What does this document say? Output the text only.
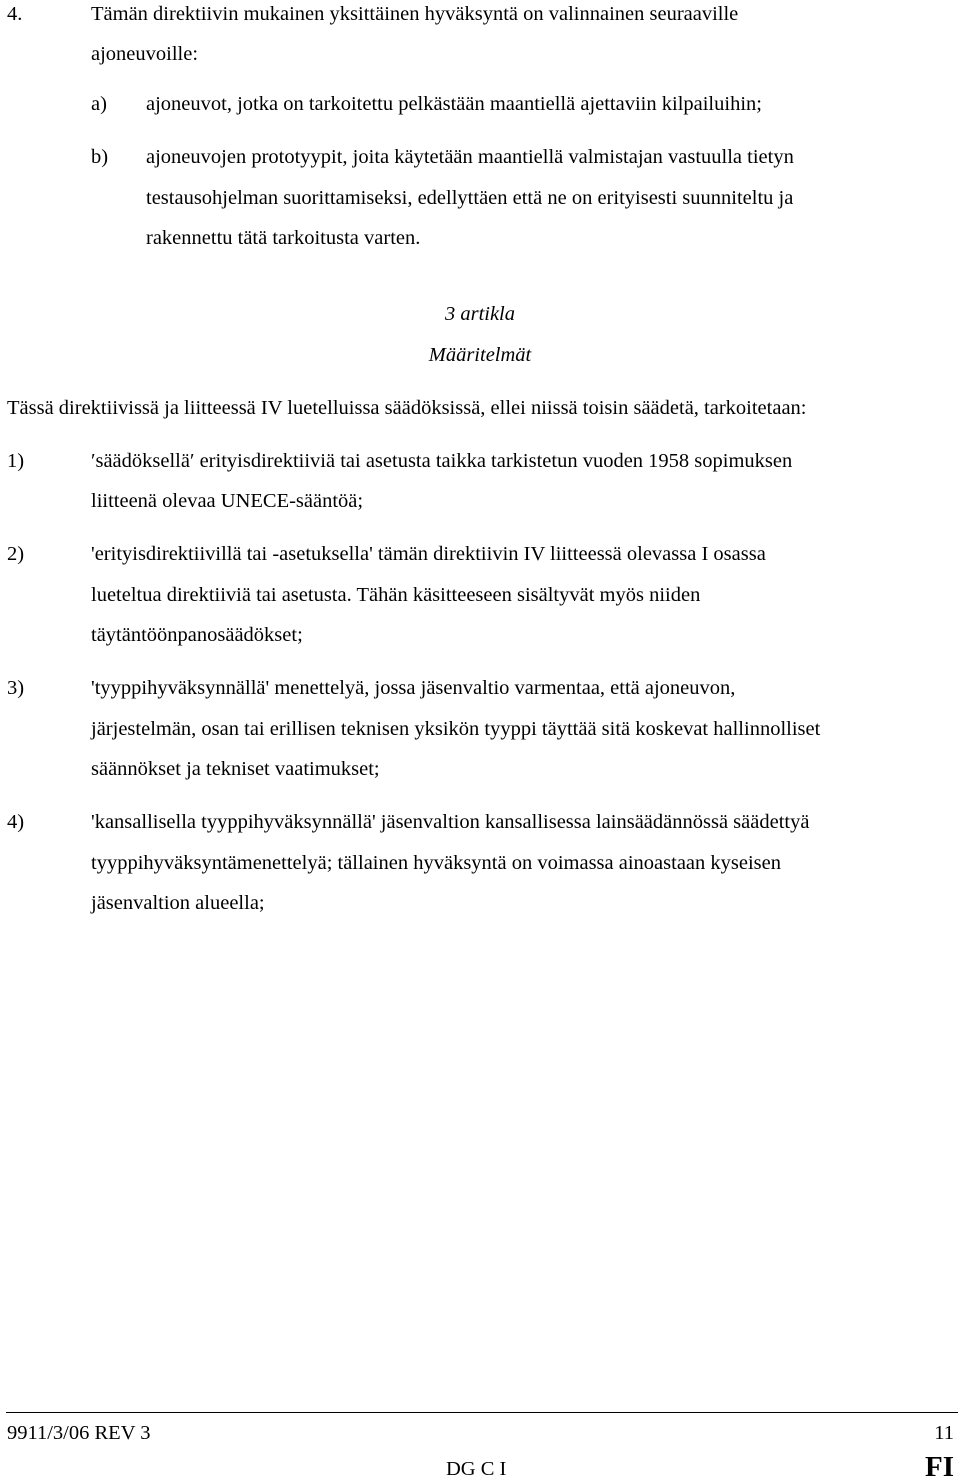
4.	Tämän direktiivin mukainen yksittäinen hyväksyntä on valinnainen seuraaville
ajoneuvoille:
a) ajoneuvot, jotka on tarkoitettu pelkästään maantiellä ajettaviin kilpailuihin;
b) ajoneuvojen prototyypit, joita käytetään maantiellä valmistajan vastuulla tietyn
testausohjelman suorittamiseksi, edellyttäen että ne on erityisesti suunniteltu ja
rakennettu tätä tarkoitusta varten.
3 artikla
Määritelmät
Tässä direktiivissä ja liitteessä IV luetelluissa säädöksissä, ellei niissä toisin säädetä, tarkoitetaan:
1)	′säädöksellä′ erityisdirektiiviä tai asetusta taikka tarkistetun vuoden 1958 sopimuksen
liitteenä olevaa UNECE-sääntöä;
2)	'erityisdirektiivillä tai -asetuksella' tämän direktiivin IV liitteessä olevassa I osassa
lueteltua direktiiviä tai asetusta. Tähän käsitteeseen sisältyvät myös niiden
täytäntöönpanosäädökset;
3)	'tyyppihyväksynnällä' menettelyä, jossa jäsenvaltio varmentaa, että ajoneuvon,
järjestelmän, osan tai erillisen teknisen yksikön tyyppi täyttää sitä koskevat hallinnolliset
säännökset ja tekniset vaatimukset;
4)	'kansallisella tyyppihyväksynnällä' jäsenvaltion kansallisessa lainsäädännössä säädettyä
tyyppihyväksyntämenettelyä; tällainen hyväksyntä on voimassa ainoastaan kyseisen
jäsenvaltion alueella;
9911/3/06 REV 3	11
DG C I	FI
